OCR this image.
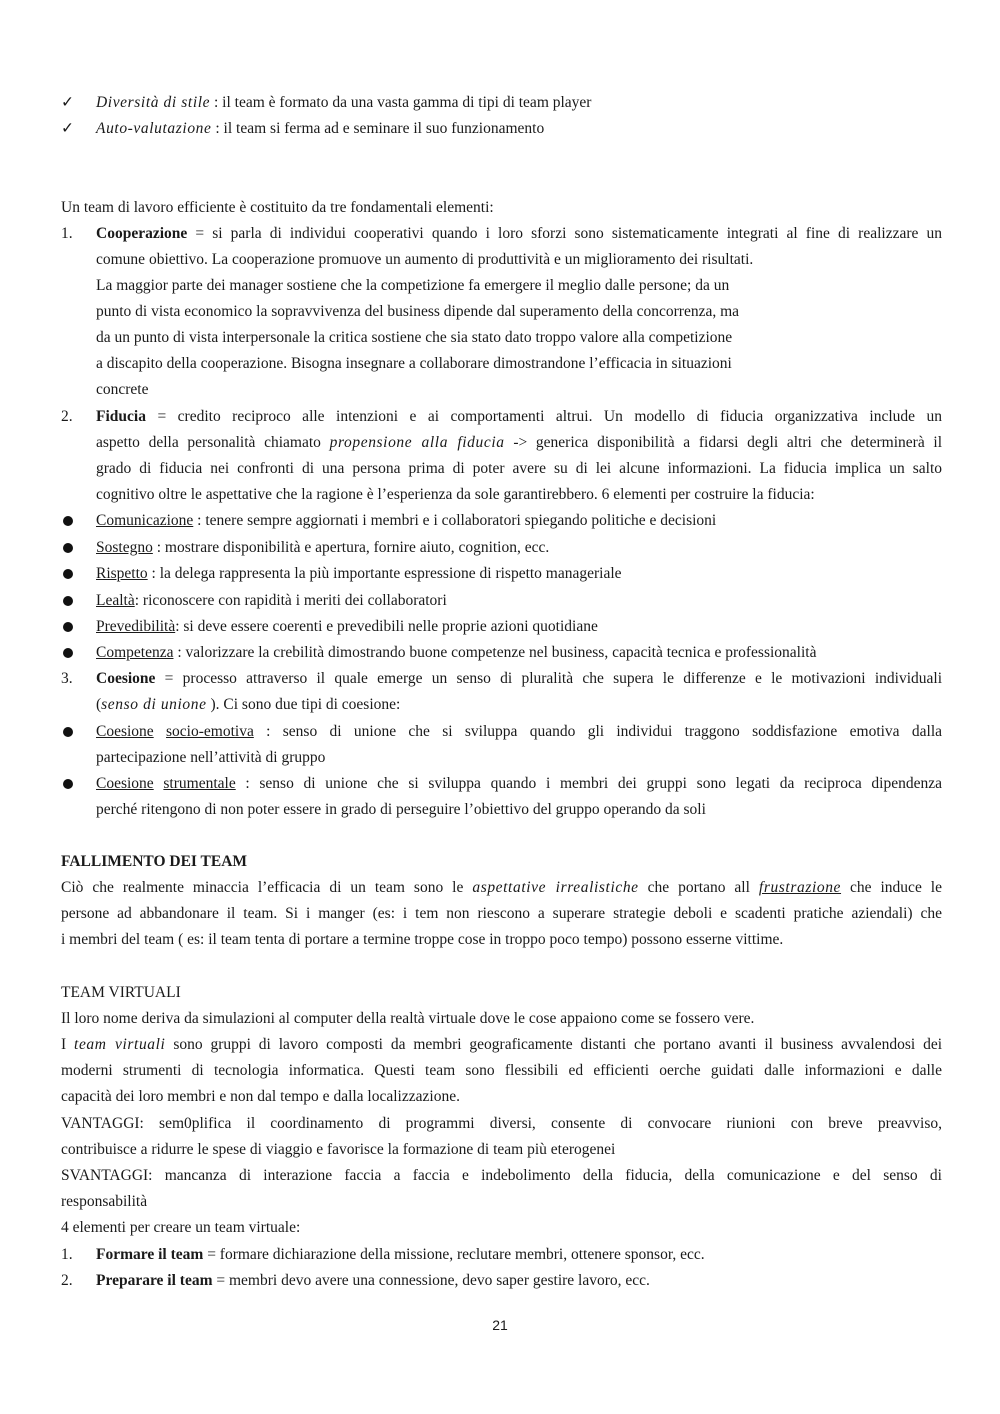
✓	Diversità di stile : il team è formato da una vasta gamma di tipi di team player
✓	Auto-valutazione : il team si ferma ad e seminare il suo funzionamento
Un team di lavoro efficiente è costituito da tre fondamentali elementi:
1.	Cooperazione = si parla di individui cooperativi quando i loro sforzi sono sistematicamente integrati al fine di realizzare un
comune obiettivo. La cooperazione promuove un aumento di produttività e un miglioramento dei risultati.
La maggior parte dei manager sostiene che la competizione fa emergere il meglio dalle persone; da un
punto di vista economico la sopravvivenza del business dipende dal superamento della concorrenza, ma
da un punto di vista interpersonale la critica sostiene che sia stato dato troppo valore alla competizione
a discapito della cooperazione. Bisogna insegnare a collaborare dimostrandone l’efficacia in situazioni
concrete
2.	Fiducia = credito reciproco alle intenzioni e ai comportamenti altrui. Un modello di fiducia organizzativa include un
aspetto della personalità chiamato propensione alla fiducia -> generica disponibilità a fidarsi degli altri che determinerà il
grado di fiducia nei confronti di una persona prima di poter avere su di lei alcune informazioni. La fiducia implica un salto
cognitivo oltre le aspettative che la ragione è l’esperienza da sole garantirebbero. 6 elementi per costruire la fiducia:
Comunicazione : tenere sempre aggiornati i membri e i collaboratori spiegando politiche e decisioni
Sostegno : mostrare disponibilità e apertura, fornire aiuto, cognition, ecc.
Rispetto : la delega rappresenta la più importante espressione di rispetto manageriale
Lealtà: riconoscere con rapidità i meriti dei collaboratori
Prevedibilità: si deve essere coerenti e prevedibili nelle proprie azioni quotidiane
Competenza : valorizzare la crebilità dimostrando buone competenze nel business, capacità tecnica e professionalità
3.	Coesione = processo attraverso il quale emerge un senso di pluralità che supera le differenze e le motivazioni individuali
(senso di unione ). Ci sono due tipi di coesione:
Coesione socio-emotiva : senso di unione che si sviluppa quando gli individui traggono soddisfazione emotiva dalla
partecipazione nell’attività di gruppo
Coesione strumentale : senso di unione che si sviluppa quando i membri dei gruppi sono legati da reciproca dipendenza
perché ritengono di non poter essere in grado di perseguire l’obiettivo del gruppo operando da soli
FALLIMENTO DEI TEAM
Ciò che realmente minaccia l’efficacia di un team sono le aspettative irrealistiche che portano all frustrazione che induce le
persone ad abbandonare il team. Si i manger (es: i tem non riescono a superare strategie deboli e scadenti pratiche aziendali) che
i membri del team ( es: il team tenta di portare a termine troppe cose in troppo poco tempo) possono esserne vittime.
TEAM VIRTUALI
Il loro nome deriva da simulazioni al computer della realtà virtuale dove le cose appaiono come se fossero vere.
I team virtuali sono gruppi di lavoro composti da membri geograficamente distanti che portano avanti il business avvalendosi dei
moderni strumenti di tecnologia informatica. Questi team sono flessibili ed efficienti oerche guidati dalle informazioni e dalle
capacità dei loro membri e non dal tempo e dalla localizzazione.
VANTAGGI: sem0plifica il coordinamento di programmi diversi, consente di convocare riunioni con breve preavviso,
contribuisce a ridurre le spese di viaggio e favorisce la formazione di team più eterogenei
SVANTAGGI: mancanza di interazione faccia a faccia e indebolimento della fiducia, della comunicazione e del senso di
responsabilità
4 elementi per creare un team virtuale:
1.	Formare il team = formare dichiarazione della missione, reclutare membri, ottenere sponsor, ecc.
2.	Preparare il team = membri devo avere una connessione, devo saper gestire lavoro, ecc.
21
